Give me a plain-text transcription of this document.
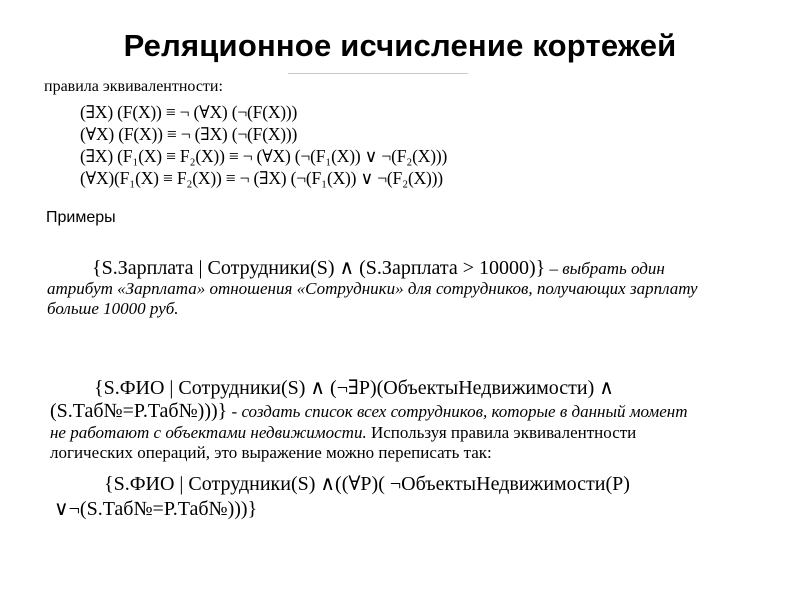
Реляционное исчисление кортежей
правила эквивалентности:
(∃X) (F(X)) ≡ ¬ (∀X) (¬(F(X)))
(∀X) (F(X)) ≡ ¬ (∃X) (¬(F(X)))
(∃X) (F₁(X) ≡ F₂(X)) ≡ ¬ (∀X) (¬(F₁(X)) ∨ ¬(F₂(X)))
(∀X)(F₁(X) ≡ F₂(X)) ≡ ¬ (∃X) (¬(F₁(X)) ∨ ¬(F₂(X)))
Примеры
{S.Зарплата | Сотрудники(S) ∧ (S.Зарплата > 10000)} – выбрать один
атрибут «Зарплата» отношения «Сотрудники» для сотрудников, получающих зарплату
больше 10000 руб.
{S.ФИО | Сотрудники(S) ∧ (¬∃P)(ОбъектыНедвижимости) ∧
(S.Таб№=P.Таб№)))} - создать список всех сотрудников, которые в данный момент
не работают с объектами недвижимости. Используя правила эквивалентности
логических операций, это выражение можно переписать так:
{S.ФИО | Сотрудники(S) ∧((∀P)( ¬ОбъектыНедвижимости(P)
∨¬(S.Таб№=P.Таб№)))}
